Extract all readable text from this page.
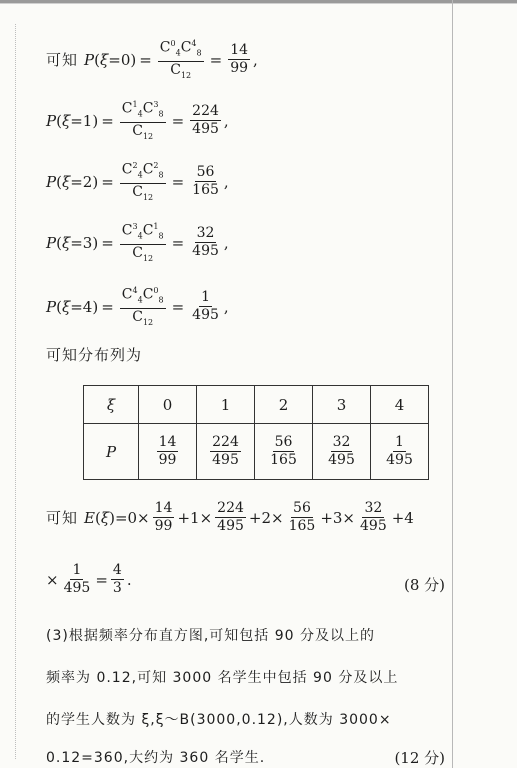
可知 P ( ξ = 0 ) = $\frac{C^0_4C^4_8}{C_{12}} = \frac{14}{99}$ ,
P ( ξ = 1 ) = $\frac{C^1_4C^3_8}{C_{12}} = \frac{224}{495}$ ,
P ( ξ = 2 ) = $\frac{C^2_4C^2_8}{C_{12}} = \frac{56}{165}$ ,
P ( ξ = 3 ) = $\frac{C^3_4C^1_8}{C_{12}} = \frac{32}{495}$ ,
P ( ξ = 4 ) = $\frac{C^4_4C^0_8}{C_{12}} = \frac{1}{495}$ ,
可知分布列为
ξ	0	1	2	3	4
P	$\frac{14}{99}$	$\frac{224}{495}$	$\frac{56}{165}$	$\frac{32}{495}$	$\frac{1}{495}$
可知 E ( ξ )$=0\times \frac{14}{99} +1\times \frac{224}{495} +2\times \frac{56}{165} +3\times \frac{32}{495} +4$
× $\frac{1}{495} = \frac{4}{3}$ .	(8 分)
(3)根据频率分布直方图,可知包括 90 分及以上的
频率为 0.12,可知 3000 名学生中包括 90 分及以上
的学生人数为 ξ,ξ～B(3000,0.12),人数为 3000×
0.12=360,大约为 360 名学生.	(12 分)
